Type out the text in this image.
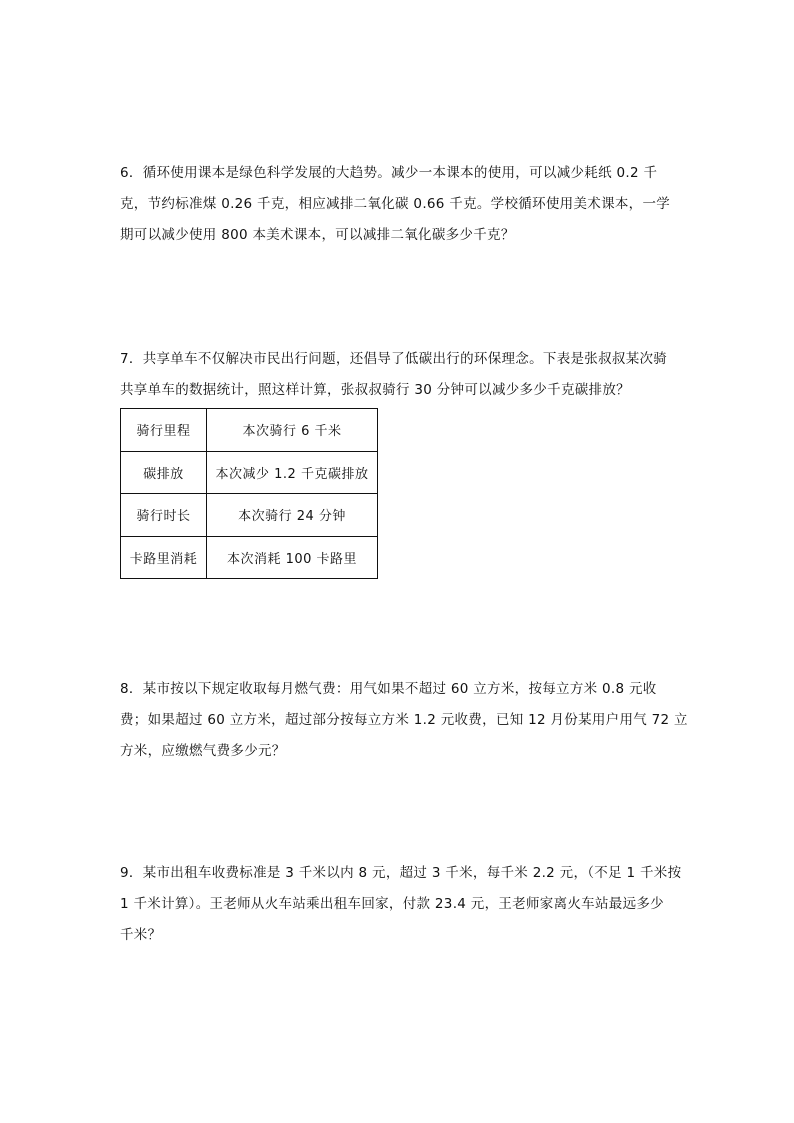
6．循环使用课本是绿色科学发展的大趋势。减少一本课本的使用，可以减少耗纸 0.2 千
克，节约标准煤 0.26 千克，相应减排二氧化碳 0.66 千克。学校循环使用美术课本，一学
期可以减少使用 800 本美术课本，可以减排二氧化碳多少千克？
7．共享单车不仅解决市民出行问题，还倡导了低碳出行的环保理念。下表是张叔叔某次骑
共享单车的数据统计，照这样计算，张叔叔骑行 30 分钟可以减少多少千克碳排放？
骑行里程	本次骑行 6 千米
碳排放	本次减少 1.2 千克碳排放
骑行时长	本次骑行 24 分钟
卡路里消耗	本次消耗 100 卡路里
8．某市按以下规定收取每月燃气费：用气如果不超过 60 立方米，按每立方米 0.8 元收
费；如果超过 60 立方米，超过部分按每立方米 1.2 元收费，已知 12 月份某用户用气 72 立
方米，应缴燃气费多少元？
9．某市出租车收费标准是 3 千米以内 8 元，超过 3 千米，每千米 2.2 元，（不足 1 千米按
1 千米计算）。王老师从火车站乘出租车回家，付款 23.4 元，王老师家离火车站最远多少
千米？
